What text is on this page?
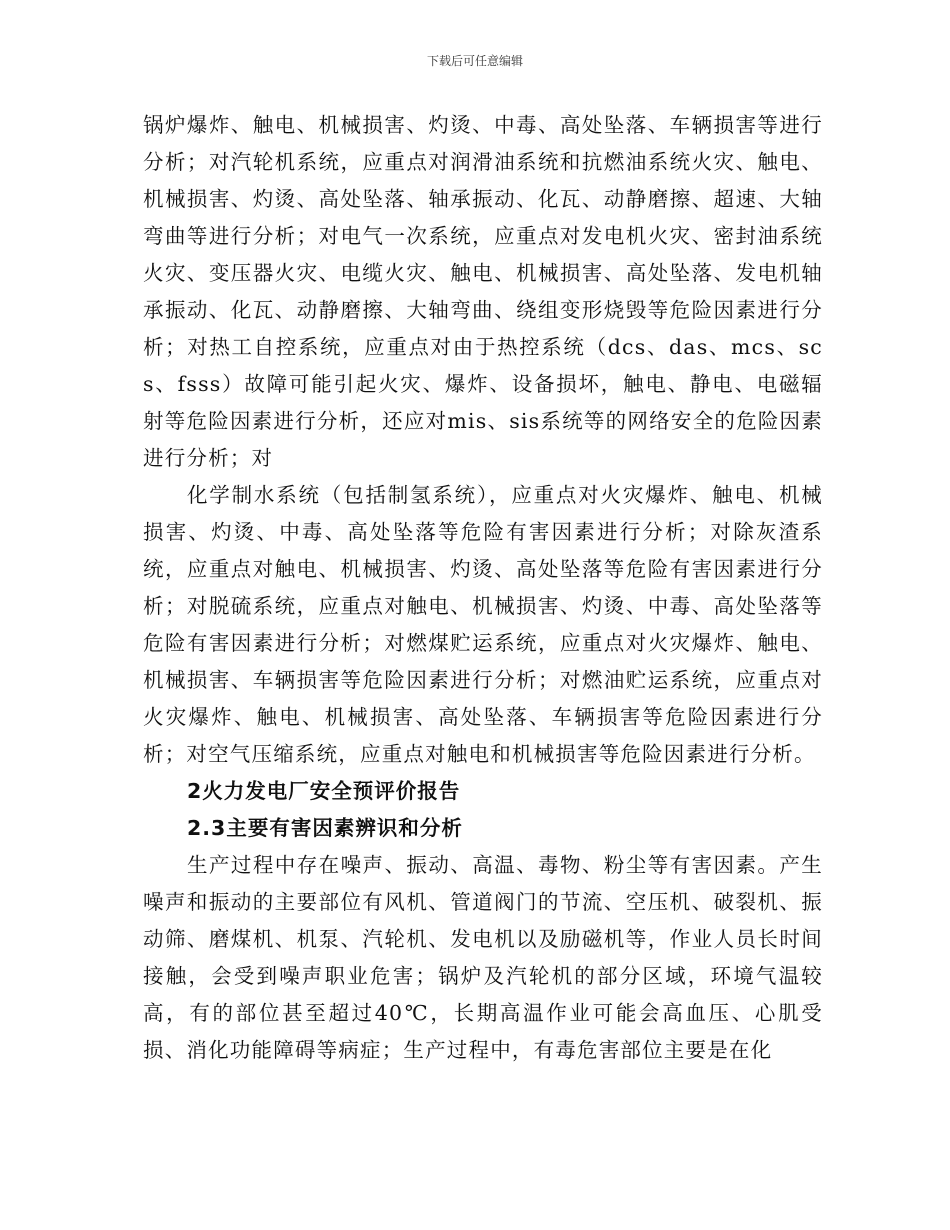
下载后可任意编辑

锅炉爆炸、触电、机械损害、灼烫、中毒、高处坠落、车辆损害等进行分析；对汽轮机系统，应重点对润滑油系统和抗燃油系统火灾、触电、机械损害、灼烫、高处坠落、轴承振动、化瓦、动静磨擦、超速、大轴弯曲等进行分析；对电气一次系统，应重点对发电机火灾、密封油系统火灾、变压器火灾、电缆火灾、触电、机械损害、高处坠落、发电机轴承振动、化瓦、动静磨擦、大轴弯曲、绕组变形烧毁等危险因素进行分析；对热工自控系统，应重点对由于热控系统（dcs、das、mcs、scs、fsss）故障可能引起火灾、爆炸、设备损坏，触电、静电、电磁辐射等危险因素进行分析，还应对mis、sis系统等的网络安全的危险因素进行分析；对

化学制水系统（包括制氢系统），应重点对火灾爆炸、触电、机械损害、灼烫、中毒、高处坠落等危险有害因素进行分析；对除灰渣系统，应重点对触电、机械损害、灼烫、高处坠落等危险有害因素进行分析；对脱硫系统，应重点对触电、机械损害、灼烫、中毒、高处坠落等危险有害因素进行分析；对燃煤贮运系统，应重点对火灾爆炸、触电、机械损害、车辆损害等危险因素进行分析；对燃油贮运系统，应重点对火灾爆炸、触电、机械损害、高处坠落、车辆损害等危险因素进行分析；对空气压缩系统，应重点对触电和机械损害等危险因素进行分析。

2火力发电厂安全预评价报告

2.3主要有害因素辨识和分析

生产过程中存在噪声、振动、高温、毒物、粉尘等有害因素。产生噪声和振动的主要部位有风机、管道阀门的节流、空压机、破裂机、振动筛、磨煤机、机泵、汽轮机、发电机以及励磁机等，作业人员长时间接触，会受到噪声职业危害；锅炉及汽轮机的部分区域，环境气温较高，有的部位甚至超过40℃，长期高温作业可能会高血压、心肌受损、消化功能障碍等病症；生产过程中，有毒危害部位主要是在化
